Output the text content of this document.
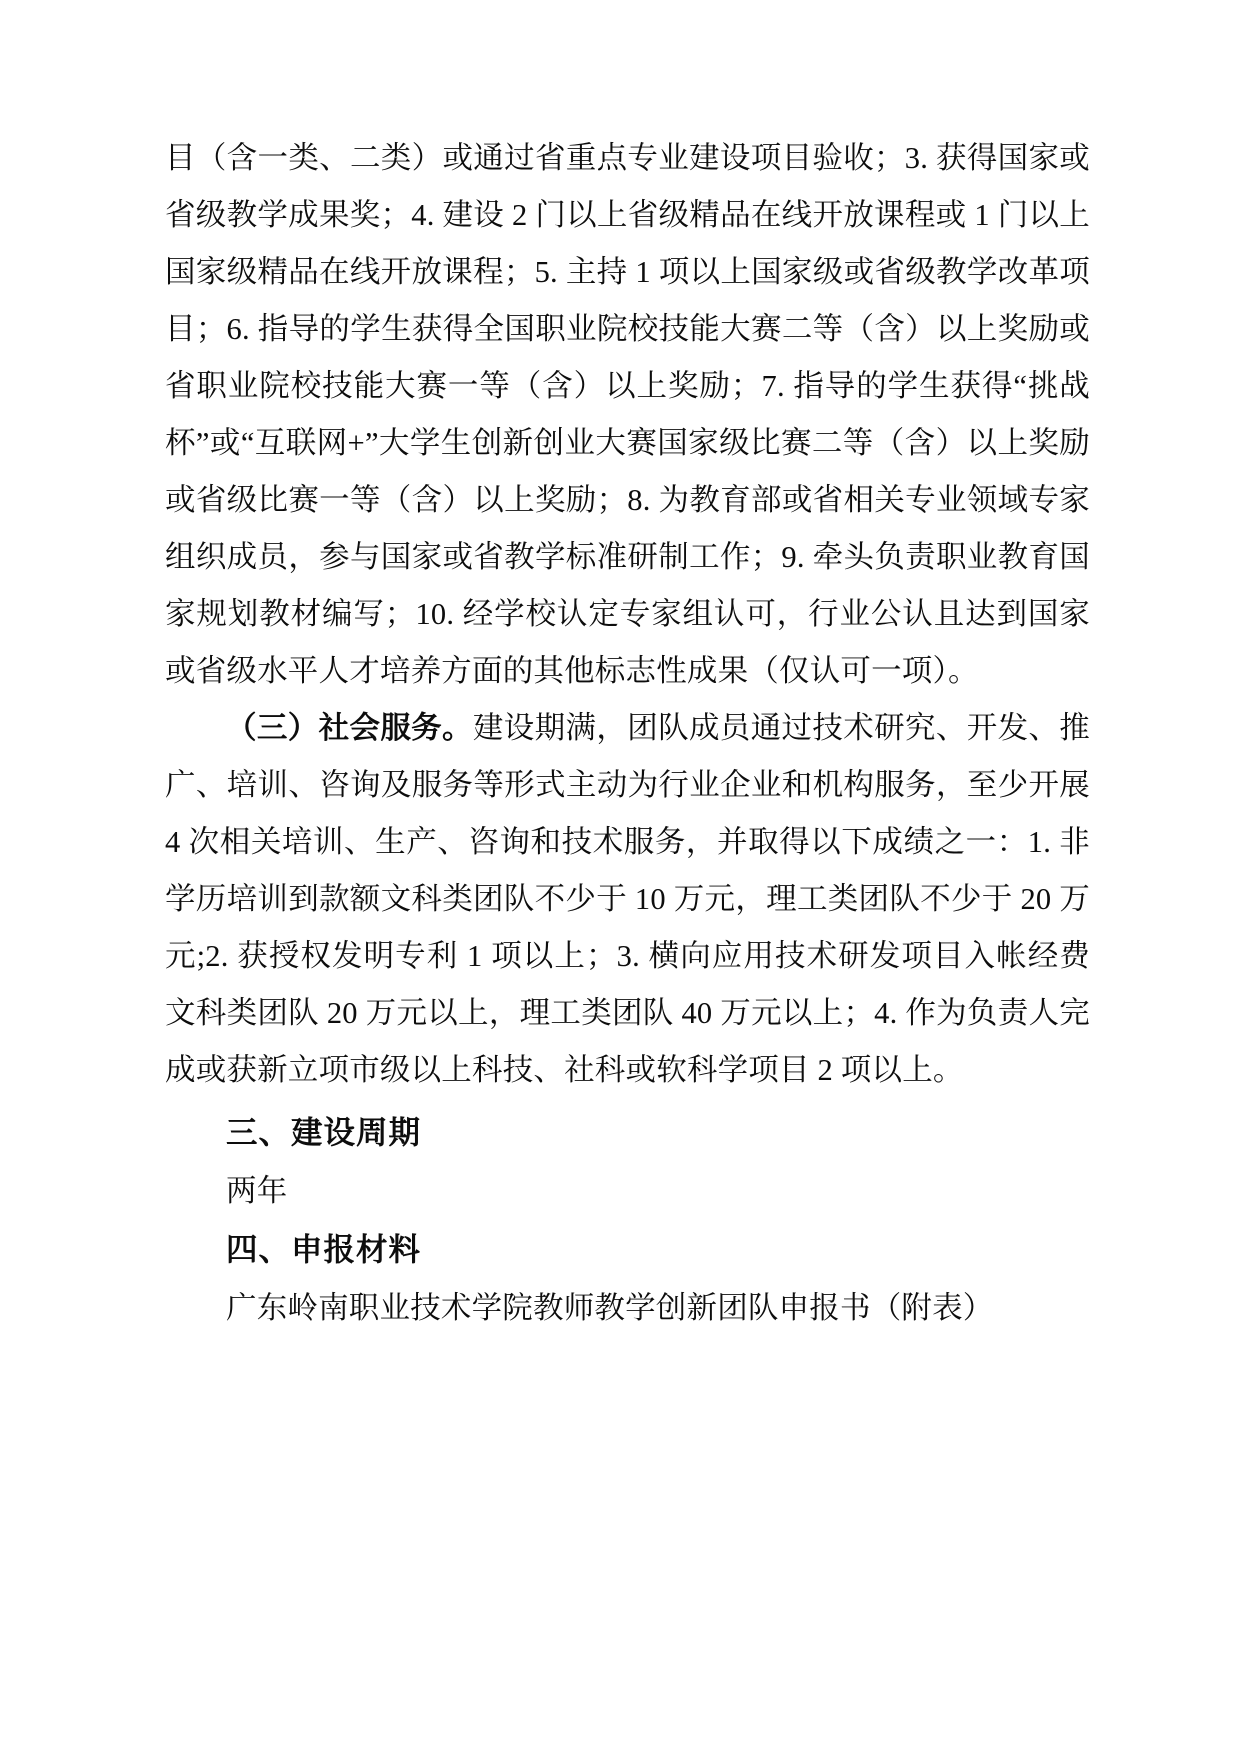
目（含一类、二类）或通过省重点专业建设项目验收；3. 获得国家或省级教学成果奖；4. 建设 2 门以上省级精品在线开放课程或 1 门以上国家级精品在线开放课程；5. 主持 1 项以上国家级或省级教学改革项目；6. 指导的学生获得全国职业院校技能大赛二等（含）以上奖励或省职业院校技能大赛一等（含）以上奖励；7. 指导的学生获得“挑战杯”或“互联网+”大学生创新创业大赛国家级比赛二等（含）以上奖励或省级比赛一等（含）以上奖励；8. 为教育部或省相关专业领域专家组织成员，参与国家或省教学标准研制工作；9. 牵头负责职业教育国家规划教材编写；10. 经学校认定专家组认可，行业公认且达到国家或省级水平人才培养方面的其他标志性成果（仅认可一项）。

（三）社会服务。建设期满，团队成员通过技术研究、开发、推广、培训、咨询及服务等形式主动为行业企业和机构服务，至少开展 4 次相关培训、生产、咨询和技术服务，并取得以下成绩之一：1. 非学历培训到款额文科类团队不少于 10 万元，理工类团队不少于 20 万元;2. 获授权发明专利 1 项以上；3. 横向应用技术研发项目入帐经费文科类团队 20 万元以上，理工类团队 40 万元以上；4. 作为负责人完成或获新立项市级以上科技、社科或软科学项目 2 项以上。

三、建设周期

两年

四、申报材料

广东岭南职业技术学院教师教学创新团队申报书（附表）
